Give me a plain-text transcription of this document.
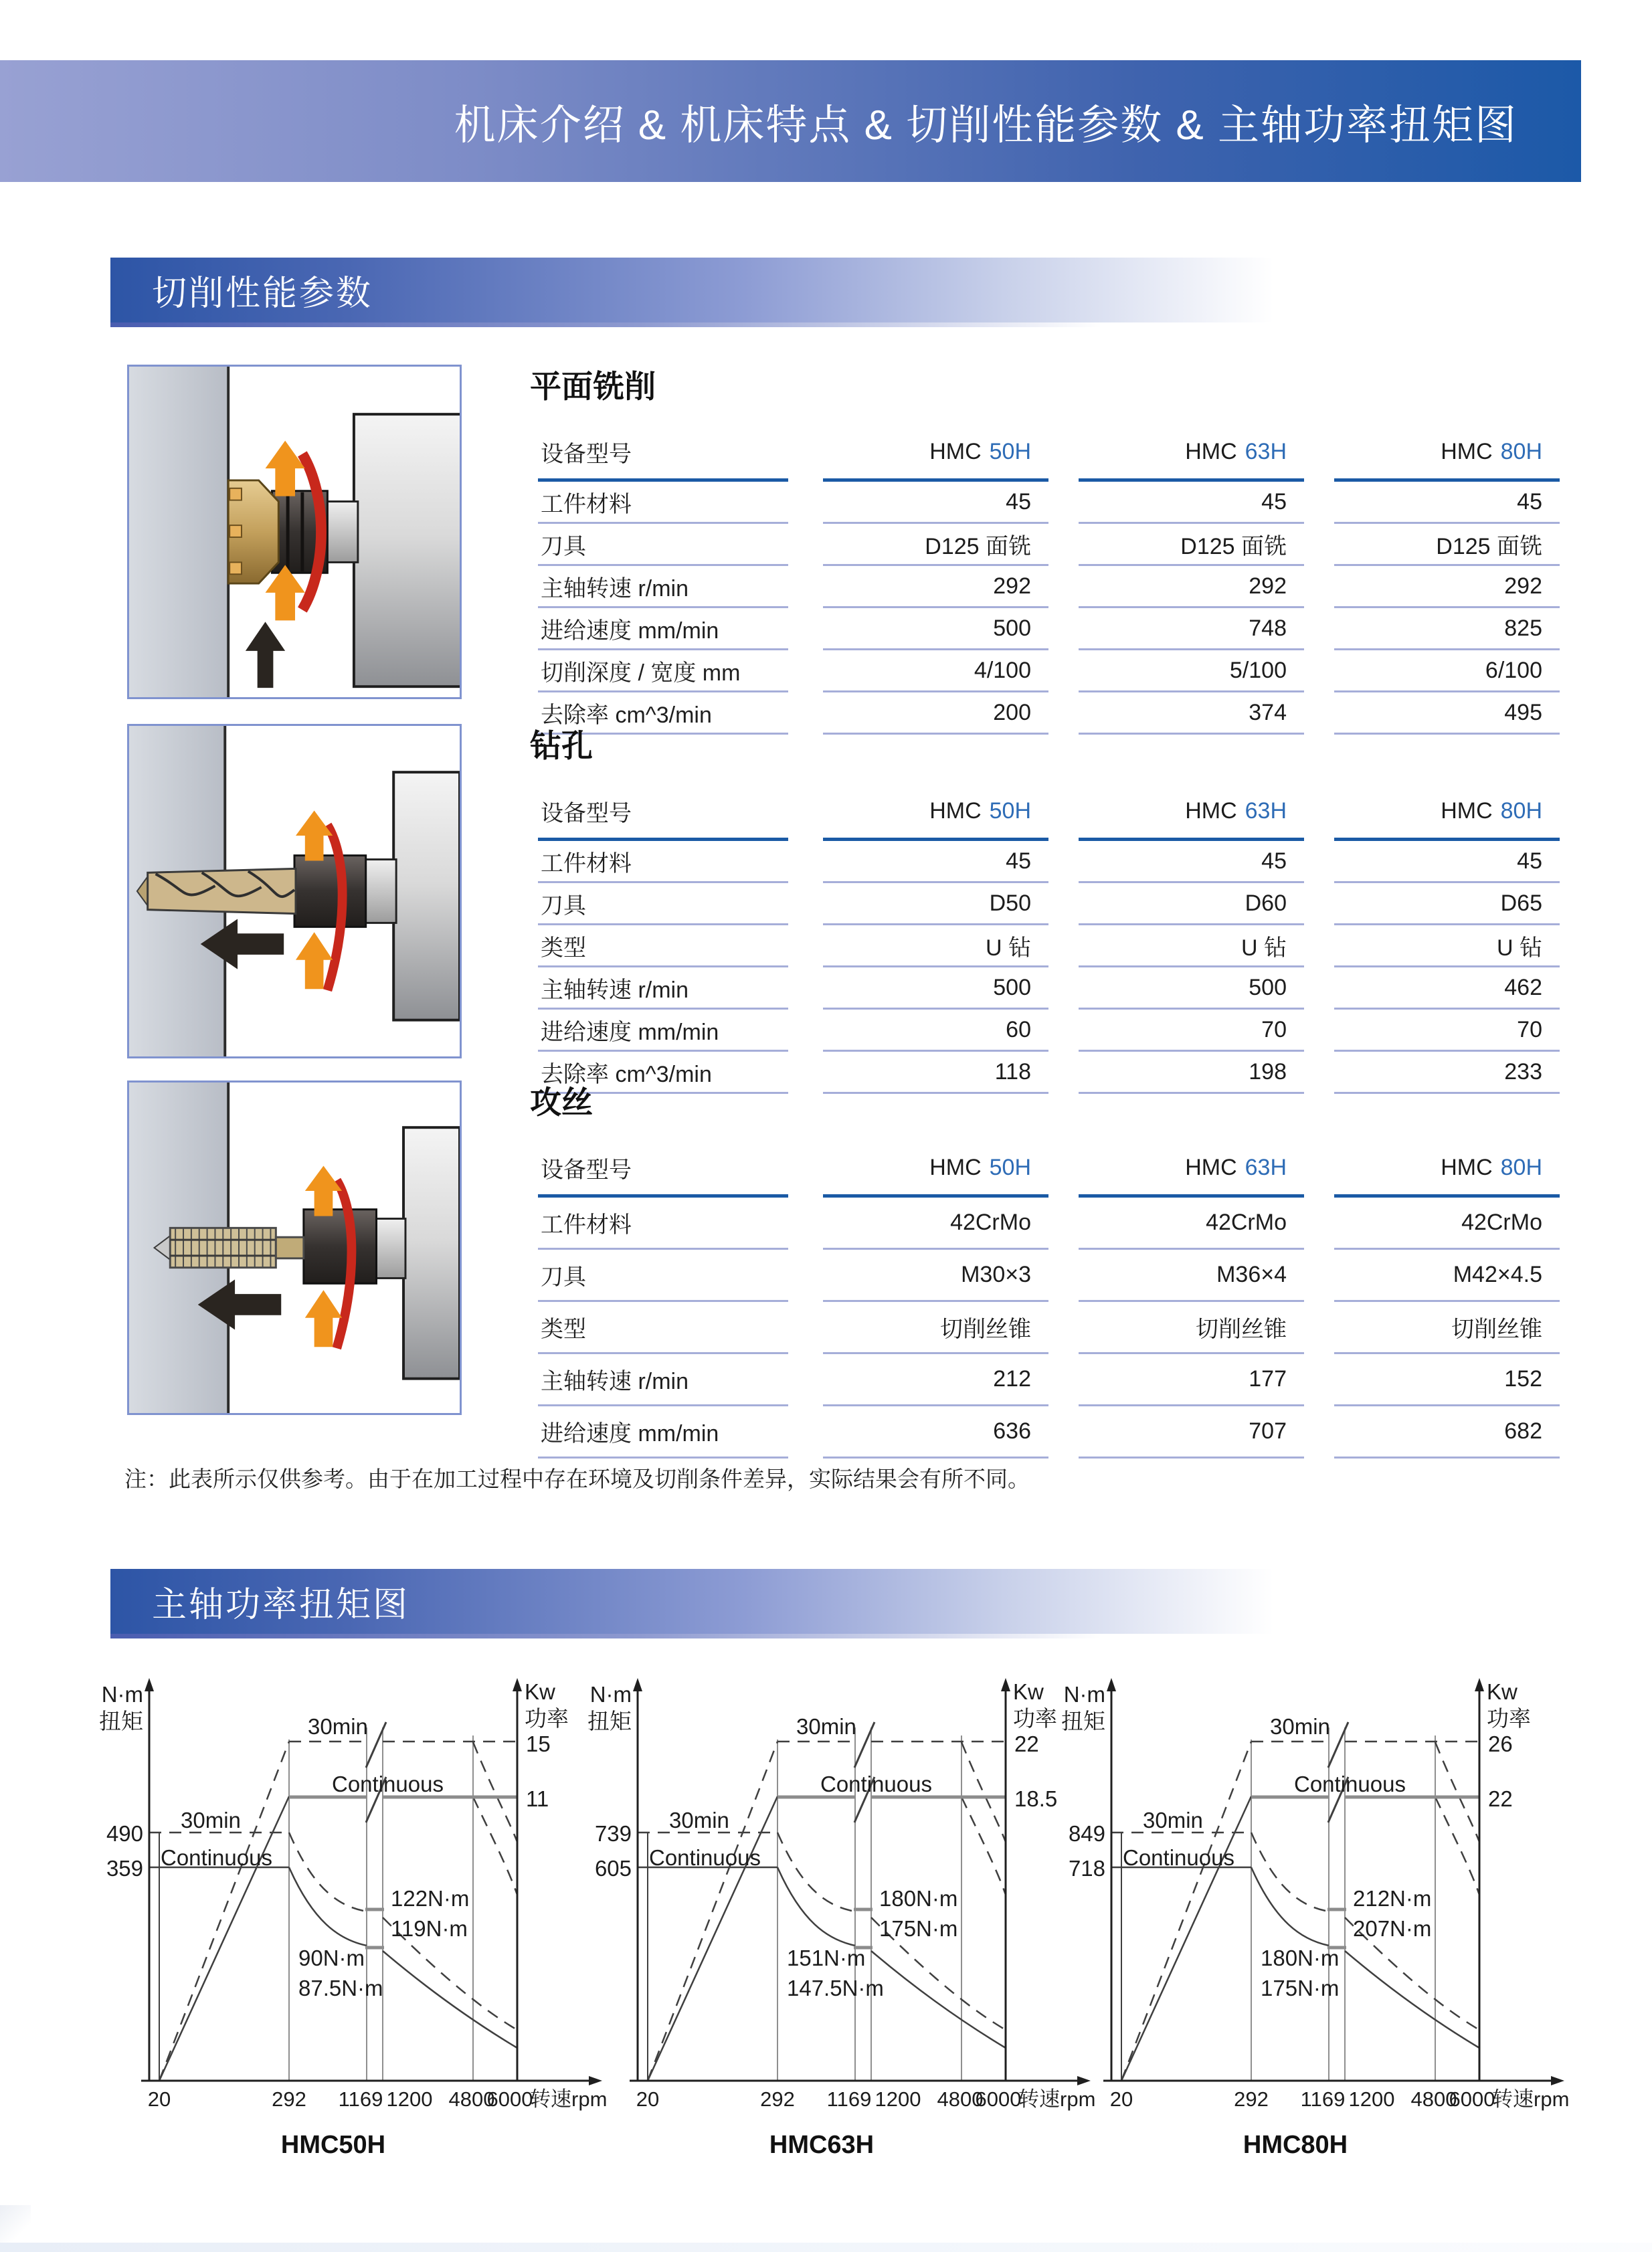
机床介绍 & 机床特点 & 切削性能参数 & 主轴功率扭矩图
切削性能参数
平面铣削
设备型号	HMC 50H	HMC 63H	HMC 80H
工件材料	45	45	45
刀具	D125 面铣	D125 面铣	D125 面铣
主轴转速 r/min	292	292	292
进给速度 mm/min	500	748	825
切削深度 / 宽度 mm	4/100	5/100	6/100
去除率 cm^3/min	200	374	495
钻孔
设备型号	HMC 50H	HMC 63H	HMC 80H
工件材料	45	45	45
刀具	D50	D60	D65
类型	U 钻	U 钻	U 钻
主轴转速 r/min	500	500	462
进给速度 mm/min	60	70	70
去除率 cm^3/min	118	198	233
攻丝
设备型号	HMC 50H	HMC 63H	HMC 80H
工件材料	42CrMo	42CrMo	42CrMo
刀具	M30×3	M36×4	M42×4.5
类型	切削丝锥	切削丝锥	切削丝锥
主轴转速 r/min	212	177	152
进给速度 mm/min	636	707	682
注：此表所示仅供参考。由于在加工过程中存在环境及切削条件差异，实际结果会有所不同。
主轴功率扭矩图
N·m
扭矩
Kw
功率
15
11
490
359
30min
Continuous
30min
Continuous
122N·m
119N·m
90N·m
87.5N·m
20	292 1169 1200 4800
6000
转速rpm
N·m
扭矩
Kw
功率
22
18.5
739
605
30min
Continuous
30min
Continuous
180N·m
175N·m
151N·m
147.5N·m
20	292 1169 1200 4800
6000
转速rpm
N·m
扭矩
Kw
功率
26
22
849
718
30min
Continuous
30min
Continuous
212N·m
207N·m
180N·m
175N·m
20	292 1169 1200 4800
6000
转速rpm
HMC50H	HMC63H	HMC80H
